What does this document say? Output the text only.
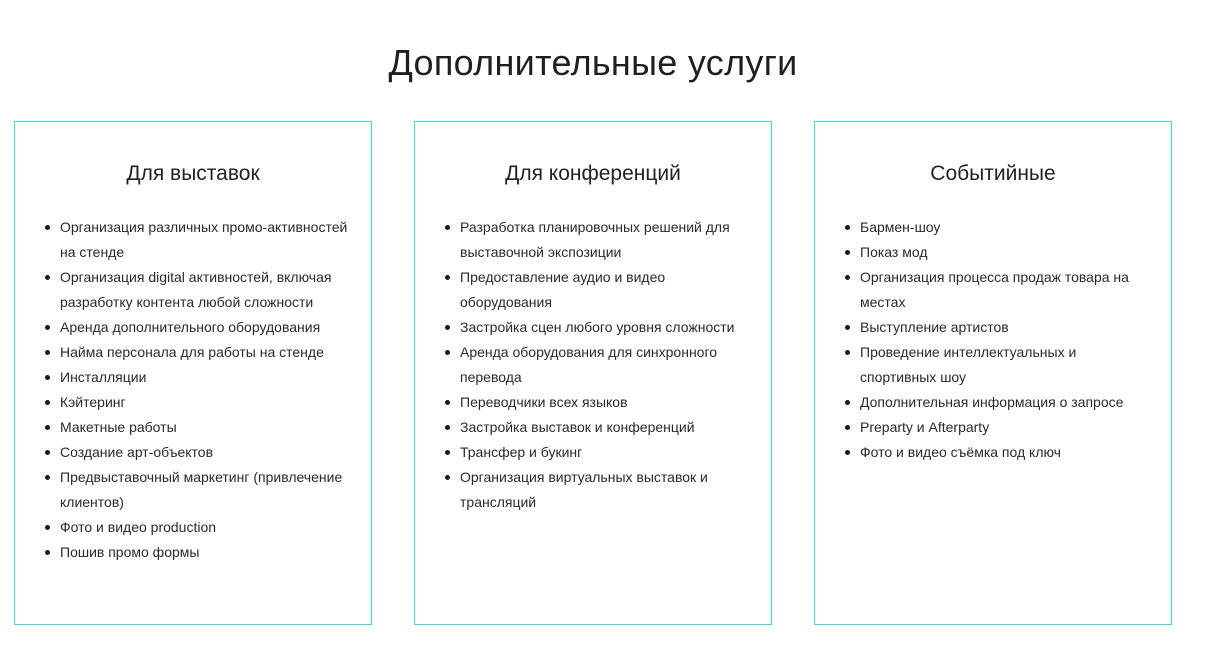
Дополнительные услуги
Для выставок
Организация различных промо-активностей на стенде
Организация digital активностей, включая разработку контента любой сложности
Аренда дополнительного оборудования
Найма персонала для работы на стенде
Инсталляции
Кэйтеринг
Макетные работы
Создание арт-объектов
Предвыставочный маркетинг (привлечение клиентов)
Фото и видео production
Пошив промо формы
Для конференций
Разработка планировочных решений для выставочной экспозиции
Предоставление аудио и видео оборудования
Застройка сцен любого уровня сложности
Аренда оборудования для синхронного перевода
Переводчики всех языков
Застройка выставок и конференций
Трансфер и букинг
Организация виртуальных выставок и трансляций
Событийные
Бармен-шоу
Показ мод
Организация процесса продаж товара на местах
Выступление артистов
Проведение интеллектуальных и спортивных шоу
Дополнительная информация о запросе
Preparty и Afterparty
Фото и видео съёмка под ключ
